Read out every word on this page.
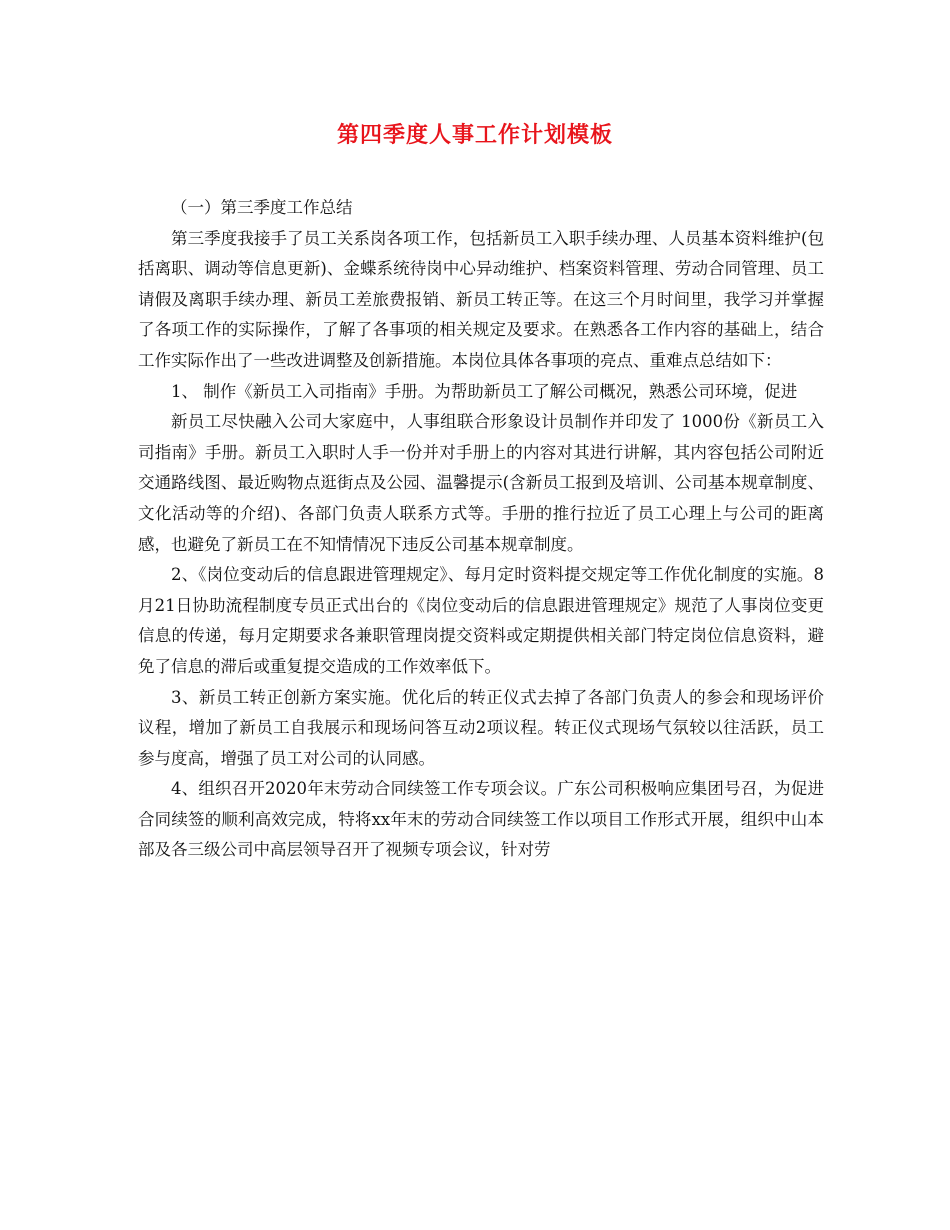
第四季度人事工作计划模板

（一）第三季度工作总结

第三季度我接手了员工关系岗各项工作，包括新员工入职手续办理、人员基本资料维护(包括离职、调动等信息更新)、金蝶系统待岗中心异动维护、档案资料管理、劳动合同管理、员工请假及离职手续办理、新员工差旅费报销、新员工转正等。在这三个月时间里，我学习并掌握了各项工作的实际操作，了解了各事项的相关规定及要求。在熟悉各工作内容的基础上，结合工作实际作出了一些改进调整及创新措施。本岗位具体各事项的亮点、重难点总结如下：

1、 制作《新员工入司指南》手册。为帮助新员工了解公司概况，熟悉公司环境，促进

新员工尽快融入公司大家庭中，人事组联合形象设计员制作并印发了 1000份《新员工入司指南》手册。新员工入职时人手一份并对手册上的内容对其进行讲解，其内容包括公司附近交通路线图、最近购物点逛街点及公园、温馨提示(含新员工报到及培训、公司基本规章制度、文化活动等的介绍)、各部门负责人联系方式等。手册的推行拉近了员工心理上与公司的距离感，也避免了新员工在不知情情况下违反公司基本规章制度。

2、《岗位变动后的信息跟进管理规定》、每月定时资料提交规定等工作优化制度的实施。8月21日协助流程制度专员正式出台的《岗位变动后的信息跟进管理规定》规范了人事岗位变更信息的传递，每月定期要求各兼职管理岗提交资料或定期提供相关部门特定岗位信息资料，避免了信息的滞后或重复提交造成的工作效率低下。

3、新员工转正创新方案实施。优化后的转正仪式去掉了各部门负责人的参会和现场评价议程，增加了新员工自我展示和现场问答互动2项议程。转正仪式现场气氛较以往活跃，员工参与度高，增强了员工对公司的认同感。

4、组织召开2020年末劳动合同续签工作专项会议。广东公司积极响应集团号召，为促进合同续签的顺利高效完成，特将xx年末的劳动合同续签工作以项目工作形式开展，组织中山本部及各三级公司中高层领导召开了视频专项会议，针对劳
